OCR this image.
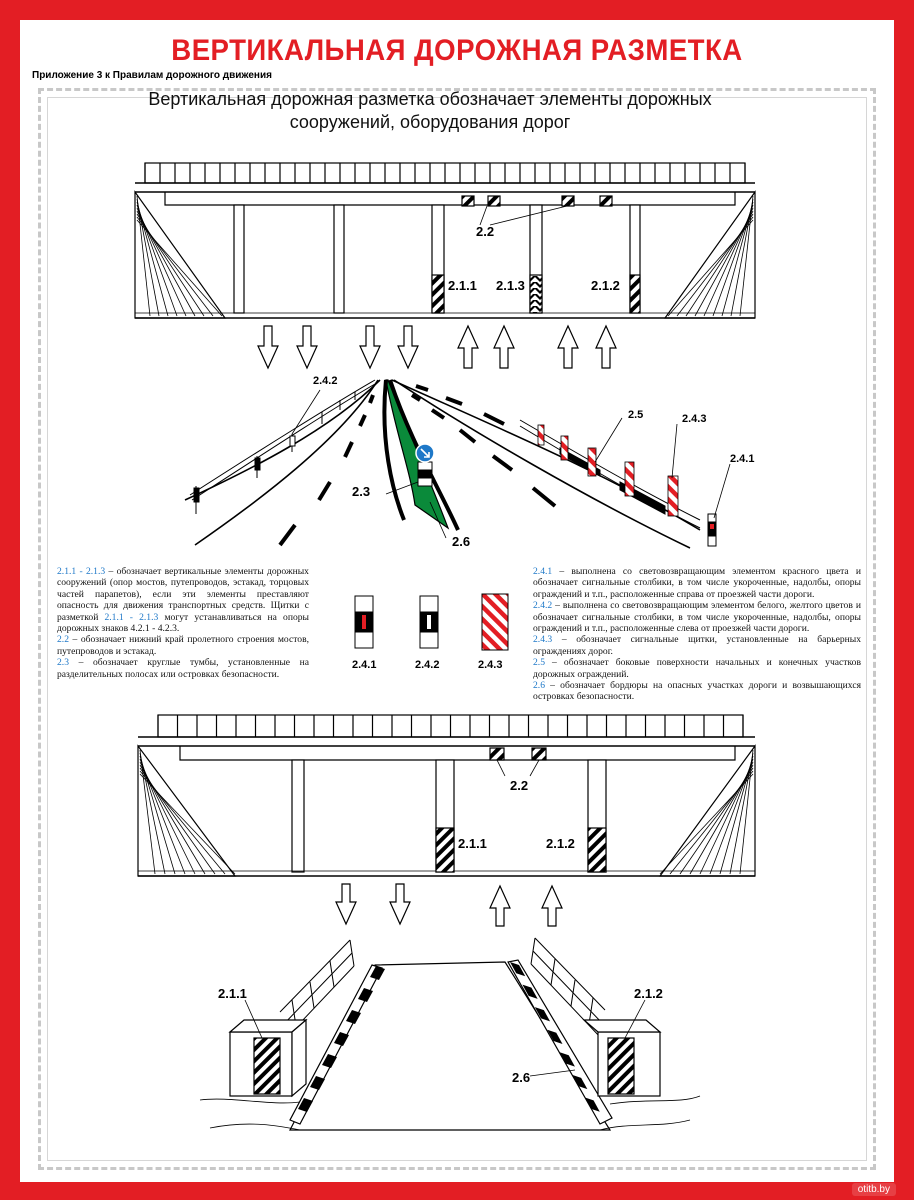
ВЕРТИКАЛЬНАЯ ДОРОЖНАЯ РАЗМЕТКА
Приложение 3 к Правилам дорожного движения
Вертикальная дорожная разметка обозначает элементы дорожных
сооружений, оборудования дорог
2.2
2.1.1 2.1.3	2.1.2
2.4.2
2.5	2.4.3
2.4.1
2.3
2.6
2.4.1	2.4.2	2.4.3
2.2
2.1.1	2.1.2
2.1.1	2.1.2
2.6

2.1.1 - 2.1.3 – обозначает вертикальные элементы дорожных сооружений (опор мостов, путепроводов, эстакад, торцовых частей парапетов), если эти элементы преставляют опасность для движения транспортных средств. Щитки с разметкой 2.1.1 - 2.1.3 могут устанавливаться на опоры дорожных знаков 4.2.1 - 4.2.3.

2.2 – обозначает нижний край пролетного строения мостов, путепроводов и эстакад.

2.3 – обозначает круглые тумбы, установленные на разделительных полосах или островках безопасности.

2.4.1 – выполнена со световозвращающим элементом красного цвета и обозначает сигнальные столбики, в том числе укороченные, надолбы, опоры ограждений и т.п., расположенные справа от проезжей части дороги.

2.4.2 – выполнена со световозвращающим элементом белого, желтого цветов и обозначает сигнальные столбики, в том числе укороченные, надолбы, опоры ограждений и т.п., расположенные слева от проезжей части дороги.

2.4.3 – обозначает сигнальные щитки, установленные на барьерных ограждениях дорог.

2.5 – обозначает боковые поверхности начальных и конечных участков дорожных ограждений.

2.6 – обозначает бордюры на опасных участках дороги и возвышающихся островках безопасности.

otitb.by
